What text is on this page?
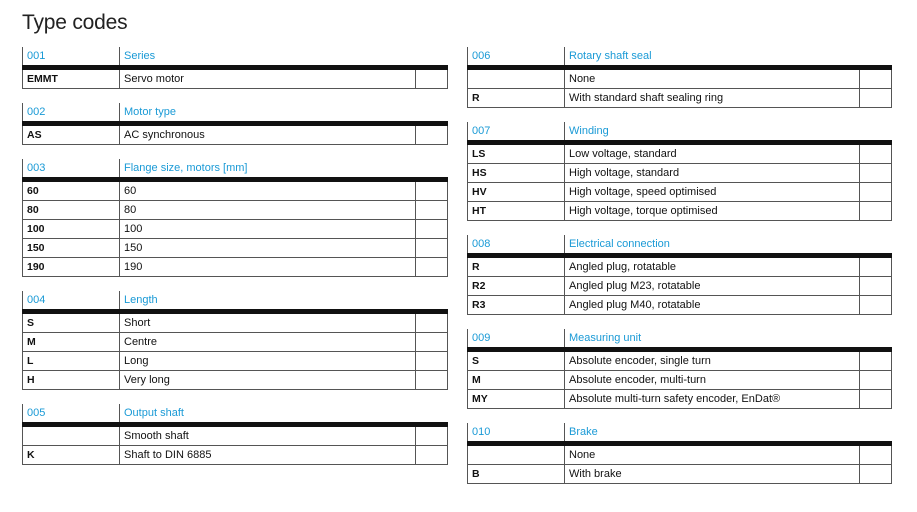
Type codes
001	Series	
EMMT	Servo motor	
002	Motor type	
AS	AC synchronous	
003	Flange size, motors [mm]	
60	60	
80	80	
100	100	
150	150	
190	190	
004	Length	
S	Short	
M	Centre	
L	Long	
H	Very long	
005	Output shaft	
	Smooth shaft	
K	Shaft to DIN 6885	
006	Rotary shaft seal	
	None	
R	With standard shaft sealing ring	
007	Winding	
LS	Low voltage, standard	
HS	High voltage, standard	
HV	High voltage, speed optimised	
HT	High voltage, torque optimised	
008	Electrical connection	
R	Angled plug, rotatable	
R2	Angled plug M23, rotatable	
R3	Angled plug M40, rotatable	
009	Measuring unit	
S	Absolute encoder, single turn	
M	Absolute encoder, multi-turn	
MY	Absolute multi-turn safety encoder, EnDat®	
010	Brake	
	None	
B	With brake	
